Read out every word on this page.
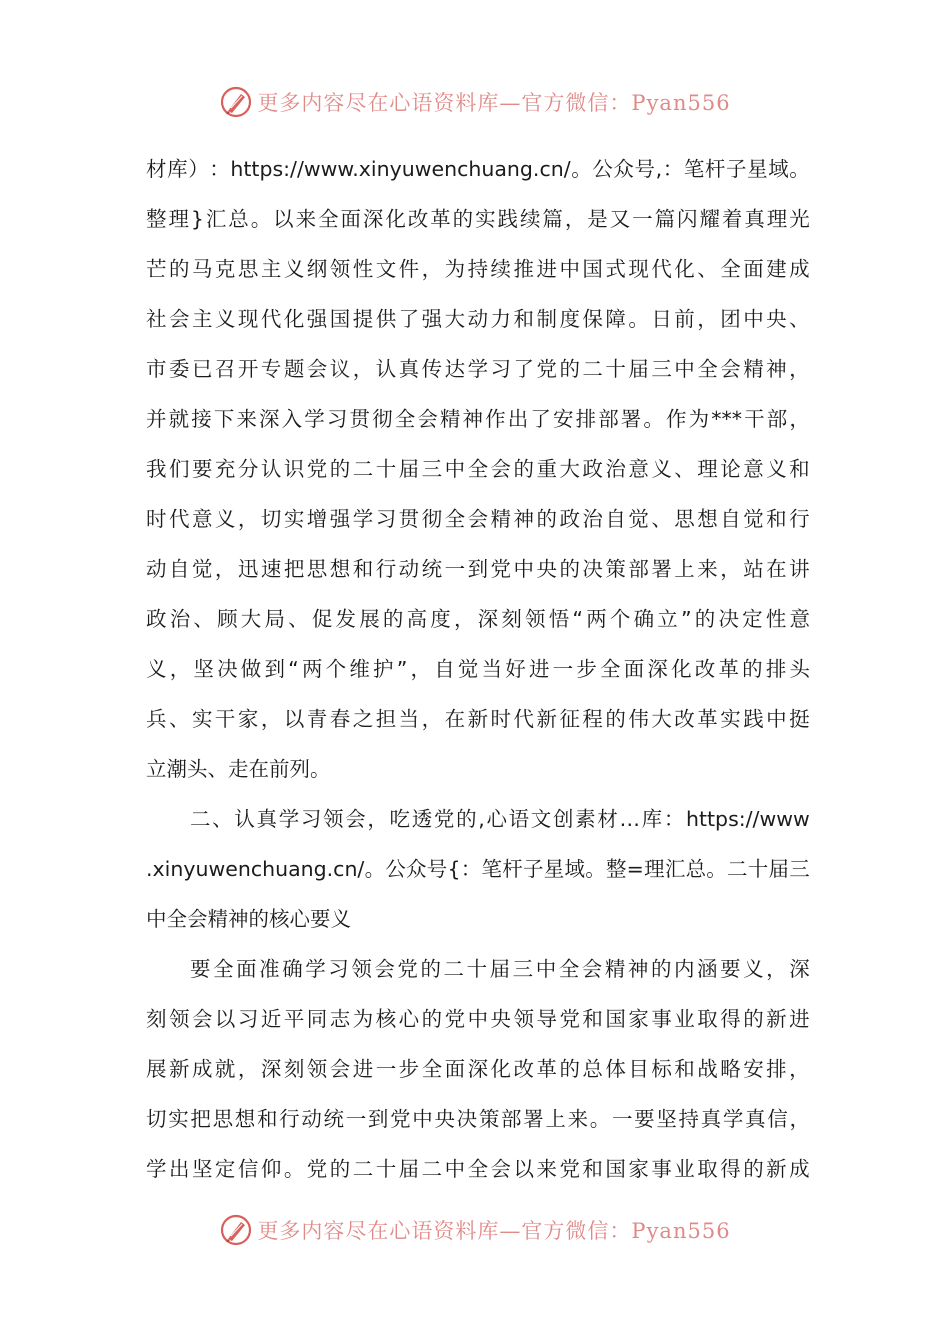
更多内容尽在心语资料库—官方微信：Pyan556
材 库 ） ： https://www.xinyuwenchuang.cn/ 。 公 众 号 , ： 笔 杆 子 星 域 。
整 理 } 汇 总 。 以 来 全 面 深 化 改 革 的 实 践 续 篇 ， 是 又 一 篇 闪 耀 着 真 理 光
芒 的 马 克 思 主 义 纲 领 性 文 件 ， 为 持 续 推 进 中 国 式 现 代 化 、 全 面 建 成
社 会 主 义 现 代 化 强 国 提 供 了 强 大 动 力 和 制 度 保 障 。 日 前 ， 团 中 央 、
市 委 已 召 开 专 题 会 议 ， 认 真 传 达 学 习 了 党 的 二 十 届 三 中 全 会 精 神 ，
并 就 接 下 来 深 入 学 习 贯 彻 全 会 精 神 作 出 了 安 排 部 署 。 作 为 *** 干 部 ，
我 们 要 充 分 认 识 党 的 二 十 届 三 中 全 会 的 重 大 政 治 意 义 、 理 论 意 义 和
时 代 意 义 ， 切 实 增 强 学 习 贯 彻 全 会 精 神 的 政 治 自 觉 、 思 想 自 觉 和 行
动 自 觉 ， 迅 速 把 思 想 和 行 动 统 一 到 党 中 央 的 决 策 部 署 上 来 ， 站 在 讲
政 治 、 顾 大 局 、 促 发 展 的 高 度 ， 深 刻 领 悟 “ 两 个 确 立 ” 的 决 定 性 意
义 ， 坚 决 做 到 “ 两 个 维 护 ” ， 自 觉 当 好 进 一 步 全 面 深 化 改 革 的 排 头
兵 、 实 干 家 ， 以 青 春 之 担 当 ， 在 新 时 代 新 征 程 的 伟 大 改 革 实 践 中 挺
立潮头、走在前列。
二 、 认 真 学 习 领 会 ， 吃 透 党 的 , 心 语 文 创 素 材 … 库 ： https://www
.xinyuwenchuang.cn/ 。 公 众 号 { ： 笔 杆 子 星 域 。 整 = 理 汇 总 。 二 十 届 三
中全会精神的核心要义
要 全 面 准 确 学 习 领 会 党 的 二 十 届 三 中 全 会 精 神 的 内 涵 要 义 ， 深
刻 领 会 以 习 近 平 同 志 为 核 心 的 党 中 央 领 导 党 和 国 家 事 业 取 得 的 新 进
展 新 成 就 ， 深 刻 领 会 进 一 步 全 面 深 化 改 革 的 总 体 目 标 和 战 略 安 排 ，
切 实 把 思 想 和 行 动 统 一 到 党 中 央 决 策 部 署 上 来 。 一 要 坚 持 真 学 真 信 ，
学 出 坚 定 信 仰 。 党 的 二 十 届 二 中 全 会 以 来 党 和 国 家 事 业 取 得 的 新 成
更多内容尽在心语资料库—官方微信：Pyan556
